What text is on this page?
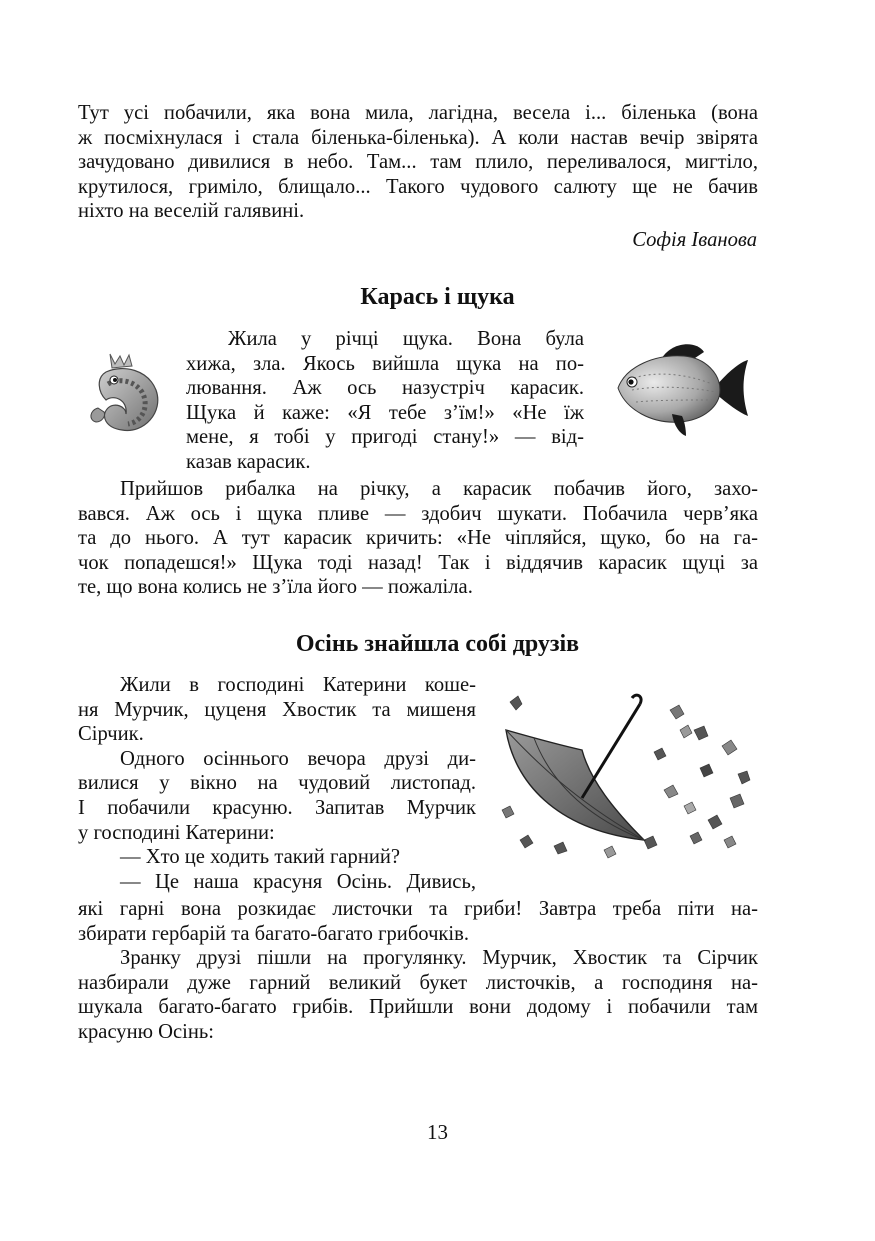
Тут усі побачили, яка вона мила, лагідна, весела і... біленька (вона
ж посміхнулася і стала біленька-біленька). А коли настав вечір звірята
зачудовано дивилися в небо. Там... там плило, переливалося, мигтіло,
крутилося, гриміло, блищало... Такого чудового салюту ще не бачив
ніхто на веселій галявині.
Софія Іванова
Карась і щука
Жила у річці щука. Вона була
хижа, зла. Якось вийшла щука на по-
лювання. Аж ось назустріч карасик.
Щука й каже: «Я тебе з’їм!» «Не їж
мене, я тобі у пригоді стану!» — від-
казав карасик.
Прийшов рибалка на річку, а карасик побачив його, захо-
вався. Аж ось і щука пливе — здобич шукати. Побачила черв’яка
та до нього. А тут карасик кричить: «Не чіпляйся, щуко, бо на га-
чок попадешся!» Щука тоді назад! Так і віддячив карасик щуці за
те, що вона колись не з’їла його — пожаліла.
Осінь знайшла собі друзів
Жили в господині Катерини коше-
ня Мурчик, цуценя Хвостик та мишеня
Сірчик.
Одного осіннього вечора друзі ди-
вилися у вікно на чудовий листопад.
І побачили красуню. Запитав Мурчик
у господині Катерини:
— Хто це ходить такий гарний?
— Це наша красуня Осінь. Дивись,
які гарні вона розкидає листочки та гриби! Завтра треба піти на-
збирати гербарій та багато-багато грибочків.
Зранку друзі пішли на прогулянку. Мурчик, Хвостик та Сірчик
назбирали дуже гарний великий букет листочків, а господиня на-
шукала багато-багато грибів. Прийшли вони додому і побачили там
красуню Осінь:
13
